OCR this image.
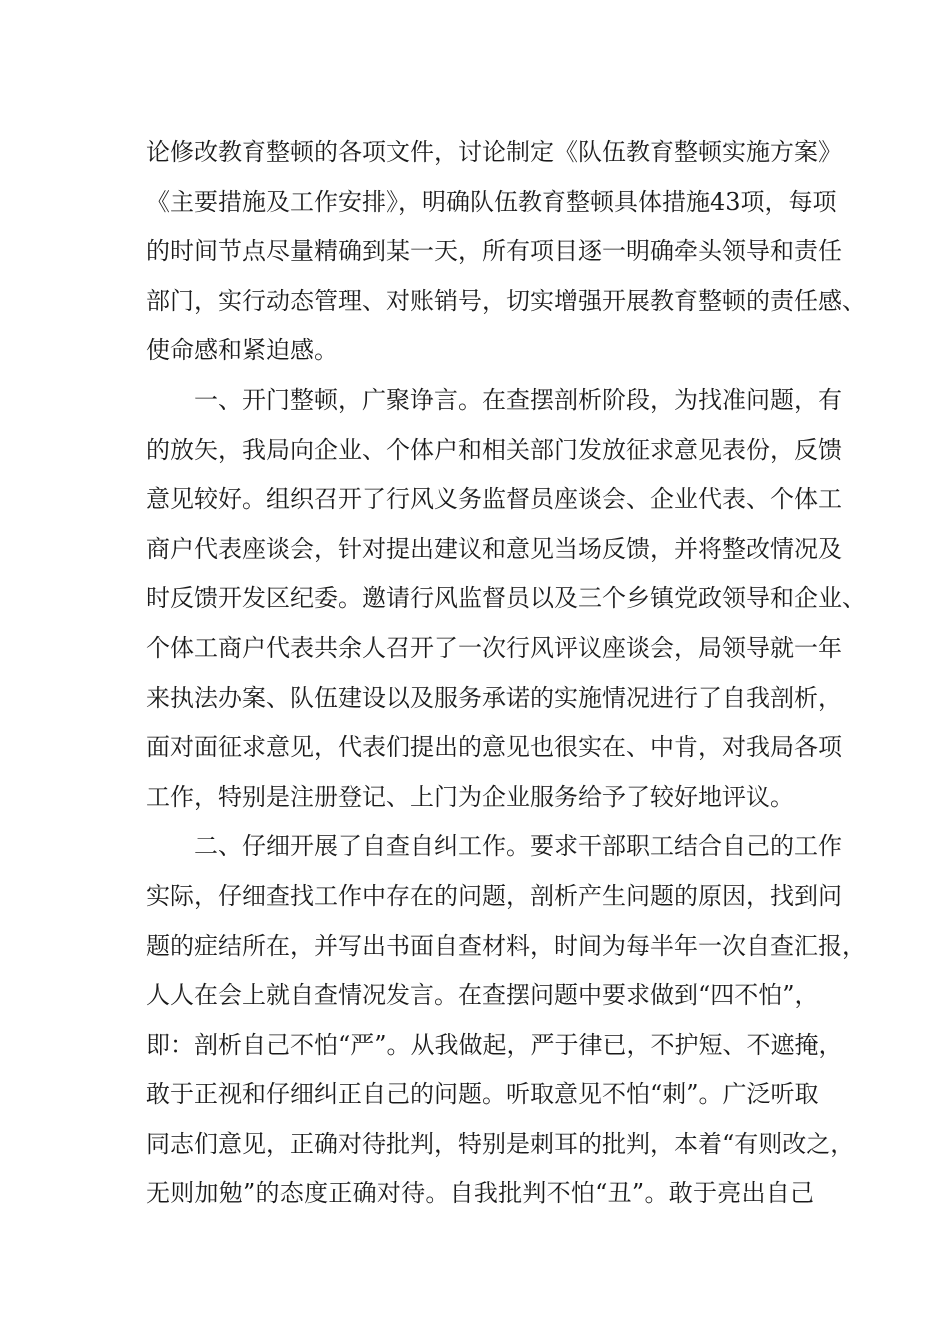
论修改教育整顿的各项文件，讨论制定《队伍教育整顿实施方案》
《主要措施及工作安排》，明确队伍教育整顿具体措施43项，每项
的时间节点尽量精确到某一天，所有项目逐一明确牵头领导和责任
部门，实行动态管理、对账销号，切实增强开展教育整顿的责任感、
使命感和紧迫感。
一、开门整顿，广聚诤言。在查摆剖析阶段，为找准问题，有
的放矢，我局向企业、个体户和相关部门发放征求意见表份，反馈
意见较好。组织召开了行风义务监督员座谈会、企业代表、个体工
商户代表座谈会，针对提出建议和意见当场反馈，并将整改情况及
时反馈开发区纪委。邀请行风监督员以及三个乡镇党政领导和企业、
个体工商户代表共余人召开了一次行风评议座谈会，局领导就一年
来执法办案、队伍建设以及服务承诺的实施情况进行了自我剖析，
面对面征求意见，代表们提出的意见也很实在、中肯，对我局各项
工作，特别是注册登记、上门为企业服务给予了较好地评议。
二、仔细开展了自查自纠工作。要求干部职工结合自己的工作
实际，仔细查找工作中存在的问题，剖析产生问题的原因，找到问
题的症结所在，并写出书面自查材料，时间为每半年一次自查汇报，
人人在会上就自查情况发言。在查摆问题中要求做到“四不怕”，
即：剖析自己不怕“严”。从我做起，严于律已，不护短、不遮掩，
敢于正视和仔细纠正自己的问题。听取意见不怕“刺”。广泛听取
同志们意见，正确对待批判，特别是刺耳的批判，本着“有则改之，
无则加勉”的态度正确对待。自我批判不怕“丑”。敢于亮出自己
